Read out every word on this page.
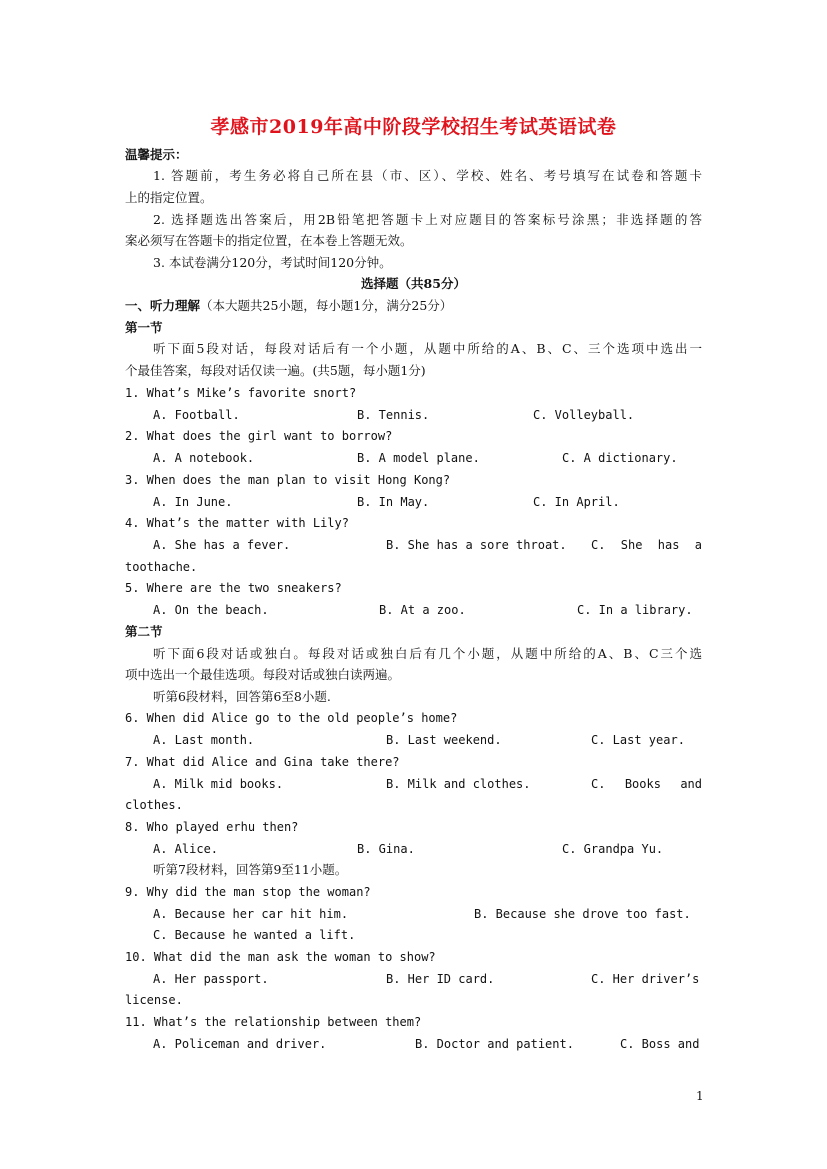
孝感市2019年高中阶段学校招生考试英语试卷
温馨提示：
1. 答题前，考生务必将自己所在县（市、区）、学校、姓名、考号填写在试卷和答题卡
上的指定位置。
2. 选择题选出答案后，用2B铅笔把答题卡上对应题目的答案标号涂黑；非选择题的答
案必须写在答题卡的指定位置，在本卷上答题无效。
3. 本试卷满分120分，考试时间120分钟。
选择题（共85分）
一、听力理解（本大题共25小题，每小题1分，满分25分）
第一节
听下面5段对话，每段对话后有一个小题，从题中所给的A、B、C、三个选项中选出一
个最佳答案，每段对话仅读一遍。(共5题，每小题1分)
1. What’s Mike’s favorite snort?
A. Football.	B. Tennis.	C. Volleyball.
2. What does the girl want to borrow?
A. A notebook.	B. A model plane.	C. A dictionary.
3. When does the man plan to visit Hong Kong?
A. In June.	B. In May.	C. In April.
4. What’s the matter with Lily?
A. She has a fever.	B. She has a sore throat. C. She has a
toothache.
5. Where are the two sneakers?
A. On the beach.	B. At a zoo.	C. In a library.
第二节
听下面6段对话或独白。每段对话或独白后有几个小题，从题中所给的A、B、C三个选
项中选出一个最佳选项。每段对话或独白读两遍。
听第6段材料，回答第6至8小题.
6. When did Alice go to the old people’s home?
A. Last month.	B. Last weekend.	C. Last year.
7. What did Alice and Gina take there?
A. Milk mid books.	B. Milk and clothes.	C. Books and
clothes.
8. Who played erhu then?
A. Alice.	B. Gina.	C. Grandpa Yu.
听第7段材料，回答第9至11小题。
9. Why did the man stop the woman?
A. Because her car hit him.	B. Because she drove too fast.
C. Because he wanted a lift.
10. What did the man ask the woman to show?
A. Her passport.	B. Her ID card.	C. Her driver’s
license.
11. What’s the relationship between them?
A. Policeman and driver.	B. Doctor and patient.	C. Boss and
1
